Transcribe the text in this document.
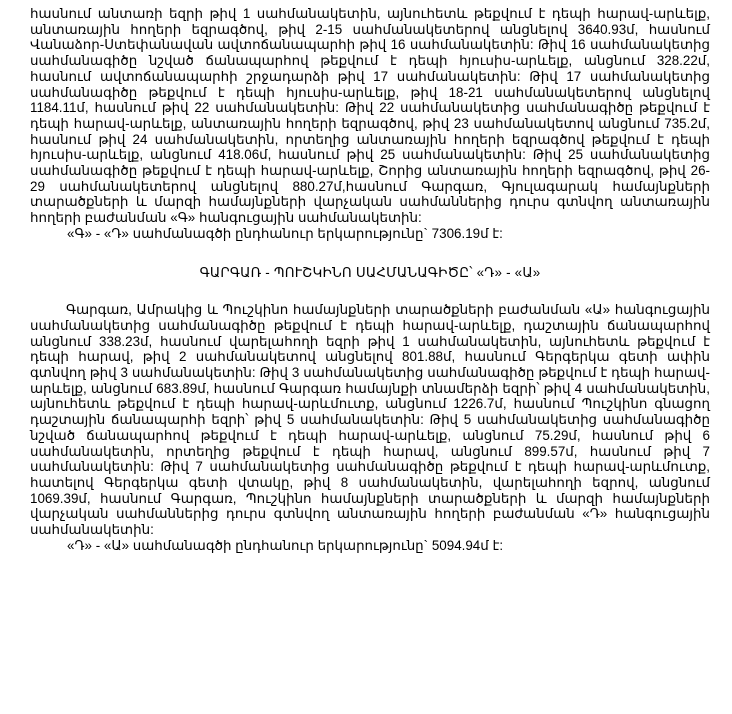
հասնում անտառի եզրի թիվ 1 սահմանակետին, այնուհետև թեքվում է դեպի հարավ-արևելք, անտառային հողերի եզրագծով, թիվ 2-15 սահմանակետերով անցնելով 3640.93մ, հասնում Վանաձոր-Ստեփանավան ավտոճանապարհի թիվ 16 սահմանակետին: Թիվ 16 սահմանակետից սահմանագիծը նշված ճանապարհով թեքվում է դեպի հյուսիս-արևելք, անցնում 328.22մ, հասնում ավտոճանապարհի շրջադարձի թիվ 17 սահմանակետին: Թիվ 17 սահմանակետից սահմանագիծը թեքվում է դեպի հյուսիս-արևելք, թիվ 18-21 սահմանակետերով անցնելով 1184.11մ, հասնում թիվ 22 սահմանակետին: Թիվ 22 սահմանակետից սահմանագիծը թեքվում է դեպի հարավ-արևելք, անտառային հողերի եզրագծով, թիվ 23 սահմանակետով անցնում 735.2մ, հասնում թիվ 24 սահմանակետին, որտեղից անտառային հողերի եզրագծով թեքվում է դեպի հյուսիս-արևելք, անցնում 418.06մ, հասնում թիվ 25 սահմանակետին: Թիվ 25 սահմանակետից սահմանագիծը թեքվում է դեպի հարավ-արևելք, Շորից անտառային հողերի եզրագծով, թիվ 26-29 սահմանակետերով անցնելով 880.27մ,հասնում Գարգառ, Գյուլագարակ համայնքների տարածքների և մարզի համայնքների վարչական սահմաններից դուրս գտնվող անտառային հողերի բաժանման «Գ» հանգուցային սահմանակետին:

«Գ» - «Դ» սահմանագծի ընդհանուր երկարությունը` 7306.19մ է:

ԳԱՐԳԱՌ - ՊՈՒՇԿԻՆՈ ՍԱՀՄԱՆԱԳԻԾԸ՝ «Դ» - «Ա»

Գարգառ, Ամրակից և Պուշկինո համայնքների տարածքների բաժանման «Ա» հանգուցային սահմանակետից սահմանագիծը թեքվում է դեպի հարավ-արևելք, դաշտային ճանապարհով անցնում 338.23մ, հասնում վարելահողի եզրի թիվ 1 սահմանակետին, այնուհետև թեքվում է դեպի հարավ, թիվ 2 սահմանակետով անցնելով 801.88մ, հասնում Գերգերկա գետի ափին գտնվող թիվ 3 սահմանակետին: Թիվ 3 սահմանակետից սահմանագիծը թեքվում է դեպի հարավ-արևելք, անցնում 683.89մ, հասնում Գարգառ համայնքի տնամերձի եզրի՝ թիվ 4 սահմանակետին, այնուհետև թեքվում է դեպի հարավ-արևմուտք, անցնում 1226.7մ, հասնում Պուշկինո գնացող դաշտային ճանապարհի եզրի՝ թիվ 5 սահմանակետին: Թիվ 5 սահմանակետից սահմանագիծը նշված ճանապարհով թեքվում է դեպի հարավ-արևելք, անցնում 75.29մ, հասնում թիվ 6 սահմանակետին, որտեղից թեքվում է դեպի հարավ, անցնում 899.57մ, հասնում թիվ 7 սահմանակետին: Թիվ 7 սահմանակետից սահմանագիծը թեքվում է դեպի հարավ-արևմուտք, հատելով Գերգերկա գետի վտակը, թիվ 8 սահմանակետին, վարելահողի եզրով, անցնում 1069.39մ, հասնում Գարգառ, Պուշկինո համայնքների տարածքների և մարզի համայնքների վարչական սահմաններից դուրս գտնվող անտառային հողերի բաժանման «Դ» հանգուցային սահմանակետին:

«Դ» - «Ա» սահմանագծի ընդհանուր երկարությունը` 5094.94մ է:
